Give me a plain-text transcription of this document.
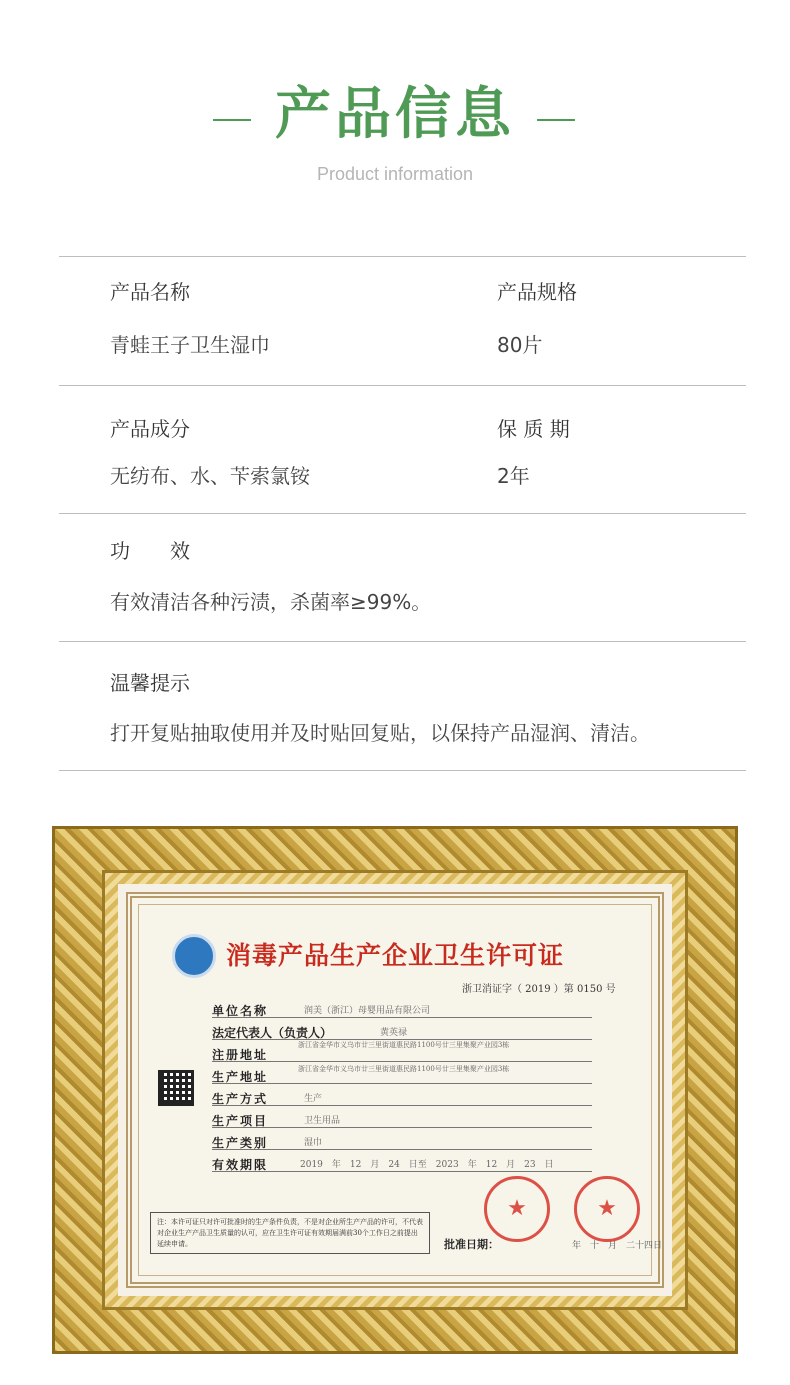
产品信息
Product information
产品名称	产品规格
青蛙王子卫生湿巾	80片
产品成分	保 质 期
无纺布、水、苄索氯铵	2年
功　　效
有效清洁各种污渍，杀菌率≥99%。
温馨提示
打开复贴抽取使用并及时贴回复贴，以保持产品湿润、清洁。
消毒产品生产企业卫生许可证
浙卫消证字（ 2019 ）第 0150 号
单位名称	润美（浙江）母婴用品有限公司
法定代表人（负责人）	黄英禄
注册地址
浙江省金华市义乌市廿三里街道惠民路1100号廿三里集聚产业园3栋
生产地址
浙江省金华市义乌市廿三里街道惠民路1100号廿三里集聚产业园3栋
生产方式	生产
生产项目	卫生用品
生产类别	湿巾
有效期限	2019　年　12　月　24　日至　2023　年　12　月　23　日
注：本许可证只对许可批准时的生产条件负责，不是对企业所生产产品的许可，不代表对企业生产产品卫生质量的认可，应在卫生许可证有效期届满前30个工作日之前提出延续申请。	批准日期：	年　十　月　二十四日
★	★
